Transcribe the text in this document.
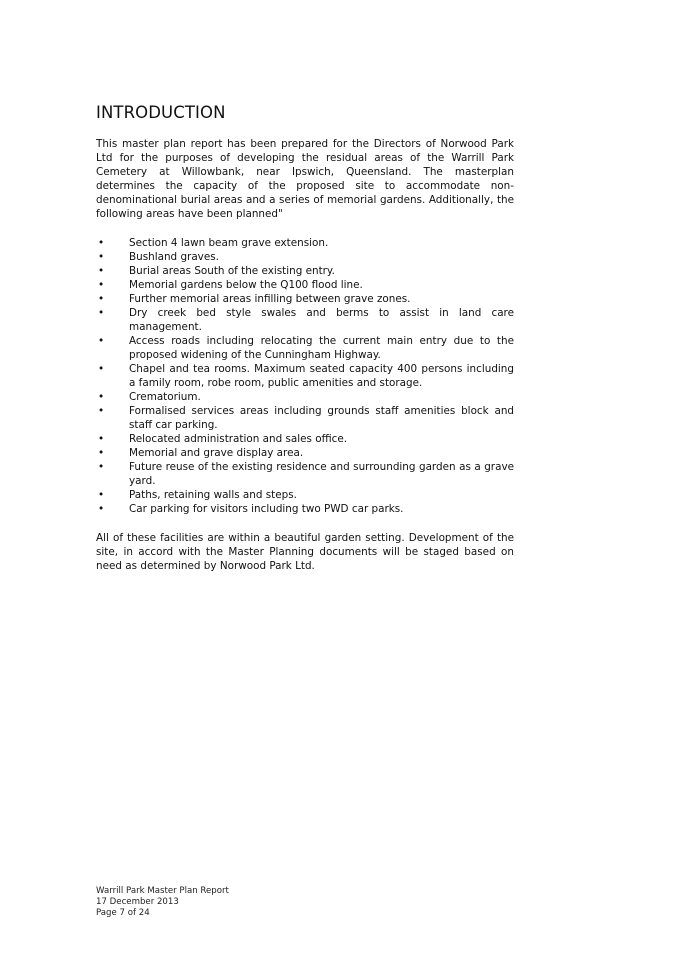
INTRODUCTION

This master plan report has been prepared for the Directors of Norwood Park Ltd for the purposes of developing the residual areas of the Warrill Park Cemetery at Willowbank, near Ipswich, Queensland. The masterplan determines the capacity of the proposed site to accommodate non-denominational burial areas and a series of memorial gardens. Additionally, the following areas have been planned"

• Section 4 lawn beam grave extension.
• Bushland graves.
• Burial areas South of the existing entry.
• Memorial gardens below the Q100 flood line.
• Further memorial areas infilling between grave zones.
• Dry creek bed style swales and berms to assist in land care management.
• Access roads including relocating the current main entry due to the proposed widening of the Cunningham Highway.
• Chapel and tea rooms. Maximum seated capacity 400 persons including a family room, robe room, public amenities and storage.
• Crematorium.
• Formalised services areas including grounds staff amenities block and staff car parking.
• Relocated administration and sales office.
• Memorial and grave display area.
• Future reuse of the existing residence and surrounding garden as a grave yard.
• Paths, retaining walls and steps.
• Car parking for visitors including two PWD car parks.

All of these facilities are within a beautiful garden setting. Development of the site, in accord with the Master Planning documents will be staged based on need as determined by Norwood Park Ltd.

Warrill Park Master Plan Report
17 December 2013
Page 7 of 24
